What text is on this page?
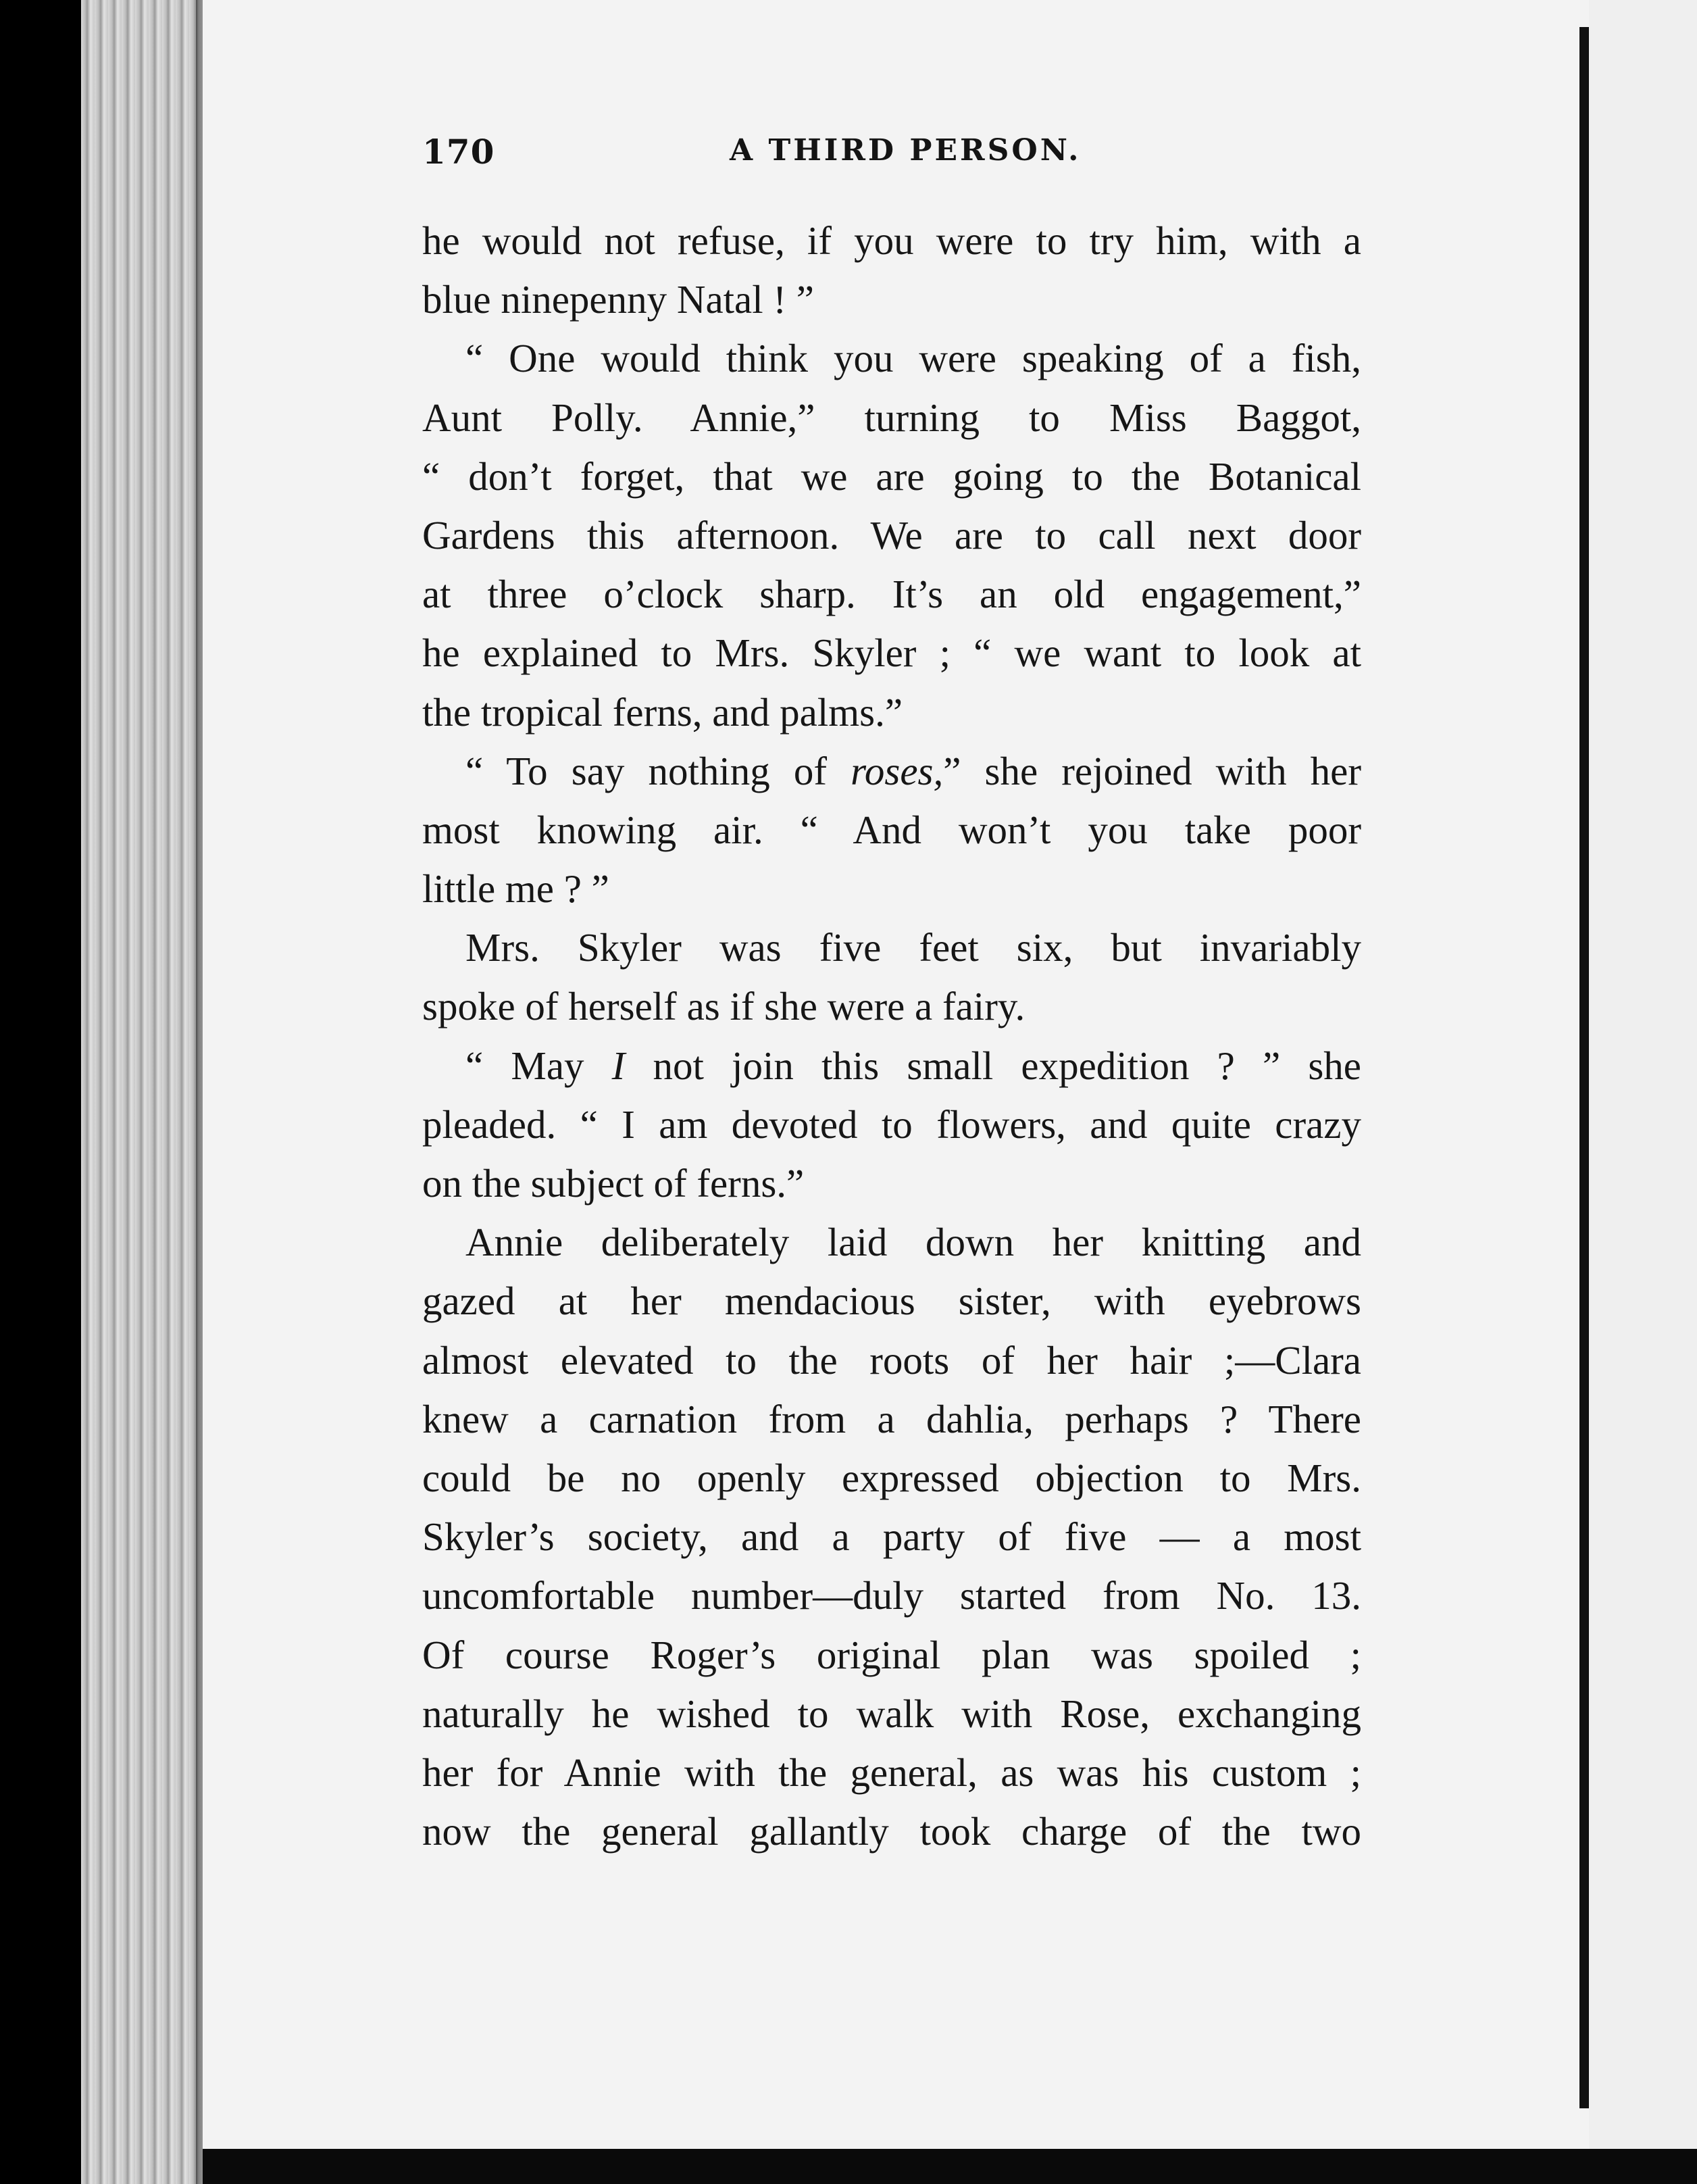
170	A THIRD PERSON.
he would not refuse, if you were to try him, with a
blue ninepenny Natal ! ”
“ One would think you were speaking of a fish,
Aunt Polly. Annie,” turning to Miss Baggot,
“ don’t forget, that we are going to the Botanical
Gardens this afternoon. We are to call next door
at three o’clock sharp. It’s an old engagement,”
he explained to Mrs. Skyler ; “ we want to look at
the tropical ferns, and palms.”
“ To say nothing of roses,” she rejoined with her
most knowing air. “ And won’t you take poor
little me ? ”
Mrs. Skyler was five feet six, but invariably
spoke of herself as if she were a fairy.
“ May I not join this small expedition ? ” she
pleaded. “ I am devoted to flowers, and quite crazy
on the subject of ferns.”
Annie deliberately laid down her knitting and
gazed at her mendacious sister, with eyebrows
almost elevated to the roots of her hair ;—Clara
knew a carnation from a dahlia, perhaps ? There
could be no openly expressed objection to Mrs.
Skyler’s society, and a party of five — a most
uncomfortable number—duly started from No. 13.
Of course Roger’s original plan was spoiled ;
naturally he wished to walk with Rose, exchanging
her for Annie with the general, as was his custom ;
now the general gallantly took charge of the two
